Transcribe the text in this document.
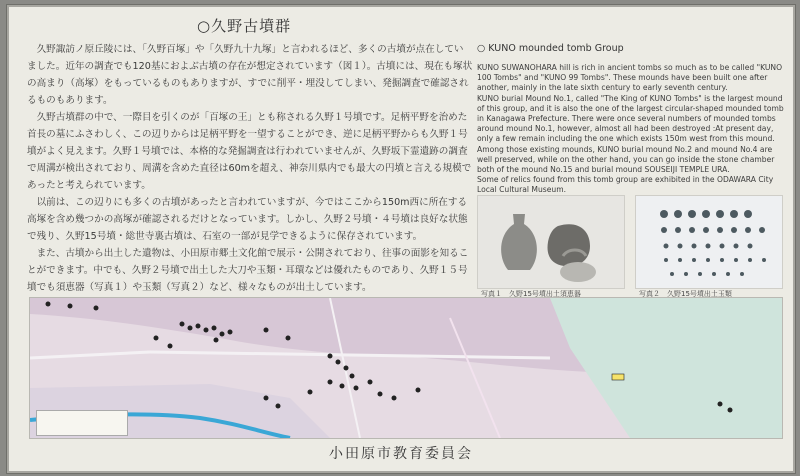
○久野古墳群

久野諏訪ノ原丘陵には、「久野百塚」や「久野九十九塚」と言われるほど、多くの古墳が点在していました。近年の調査でも120基におよぶ古墳の存在が想定されています（図１）。古墳には、現在も塚状の高まり（高塚）をもっているものもありますが、すでに削平・埋没してしまい、発掘調査で確認されるものもあります。

久野古墳群の中で、一際目を引くのが「百塚の王」とも称される久野１号墳です。足柄平野を治めた首長の墓にふさわしく、この辺りからは足柄平野を一望することができ、逆に足柄平野からも久野１号墳がよく見えます。久野１号墳では、本格的な発掘調査は行われていませんが、久野坂下霊遺跡の調査で周溝が検出されており、周溝を含めた直径は60mを超え、神奈川県内でも最大の円墳と言える規模であったと考えられています。

以前は、この辺りにも多くの古墳があったと言われていますが、今ではここから150m西に所在する高塚を含め幾つかの高塚が確認されるだけとなっています。しかし、久野２号墳・４号墳は良好な状態で残り、久野15号墳・総世寺裏古墳は、石室の一部が見学できるように保存されています。

また、古墳から出土した遺物は、小田原市郷土文化館で展示・公開されており、往事の面影を知ることができます。中でも、久野２号墳で出土した大刀や玉類・耳環などは優れたものであり、久野１５号墳でも須恵器（写真１）や玉類（写真２）など、様々なものが出土しています。

○ KUNO mounded tomb Group

KUNO SUWANOHARA hill is rich in ancient tombs so much as to be called "KUNO 100 Tombs" and "KUNO 99 Tombs". These mounds have been built one after another, mainly in the late sixth century to early seventh century.

KUNO burial Mound No.1, called "The King of KUNO Tombs" is the largest mound of this group, and it is also the one of the largest circular-shaped mounded tomb in Kanagawa Prefecture. There were once several numbers of mounded tombs around mound No.1, however, almost all had been destroyed :At present day, only a few remain including the one which exists 150m west from this mound.

Among those existing mounds, KUNO burial mound No.2 and mound No.4 are well preserved, while on the other hand, you can go inside the stone chamber both of the mound No.15 and burial mound SOUSEIJI TEMPLE URA.

Some of relics found from this tomb group are exhibited in the ODAWARA City Local Cultural Museum.

写真１　久野15号墳出土須恵器	写真２　久野15号墳出土玉類
小田原市教育委員会
